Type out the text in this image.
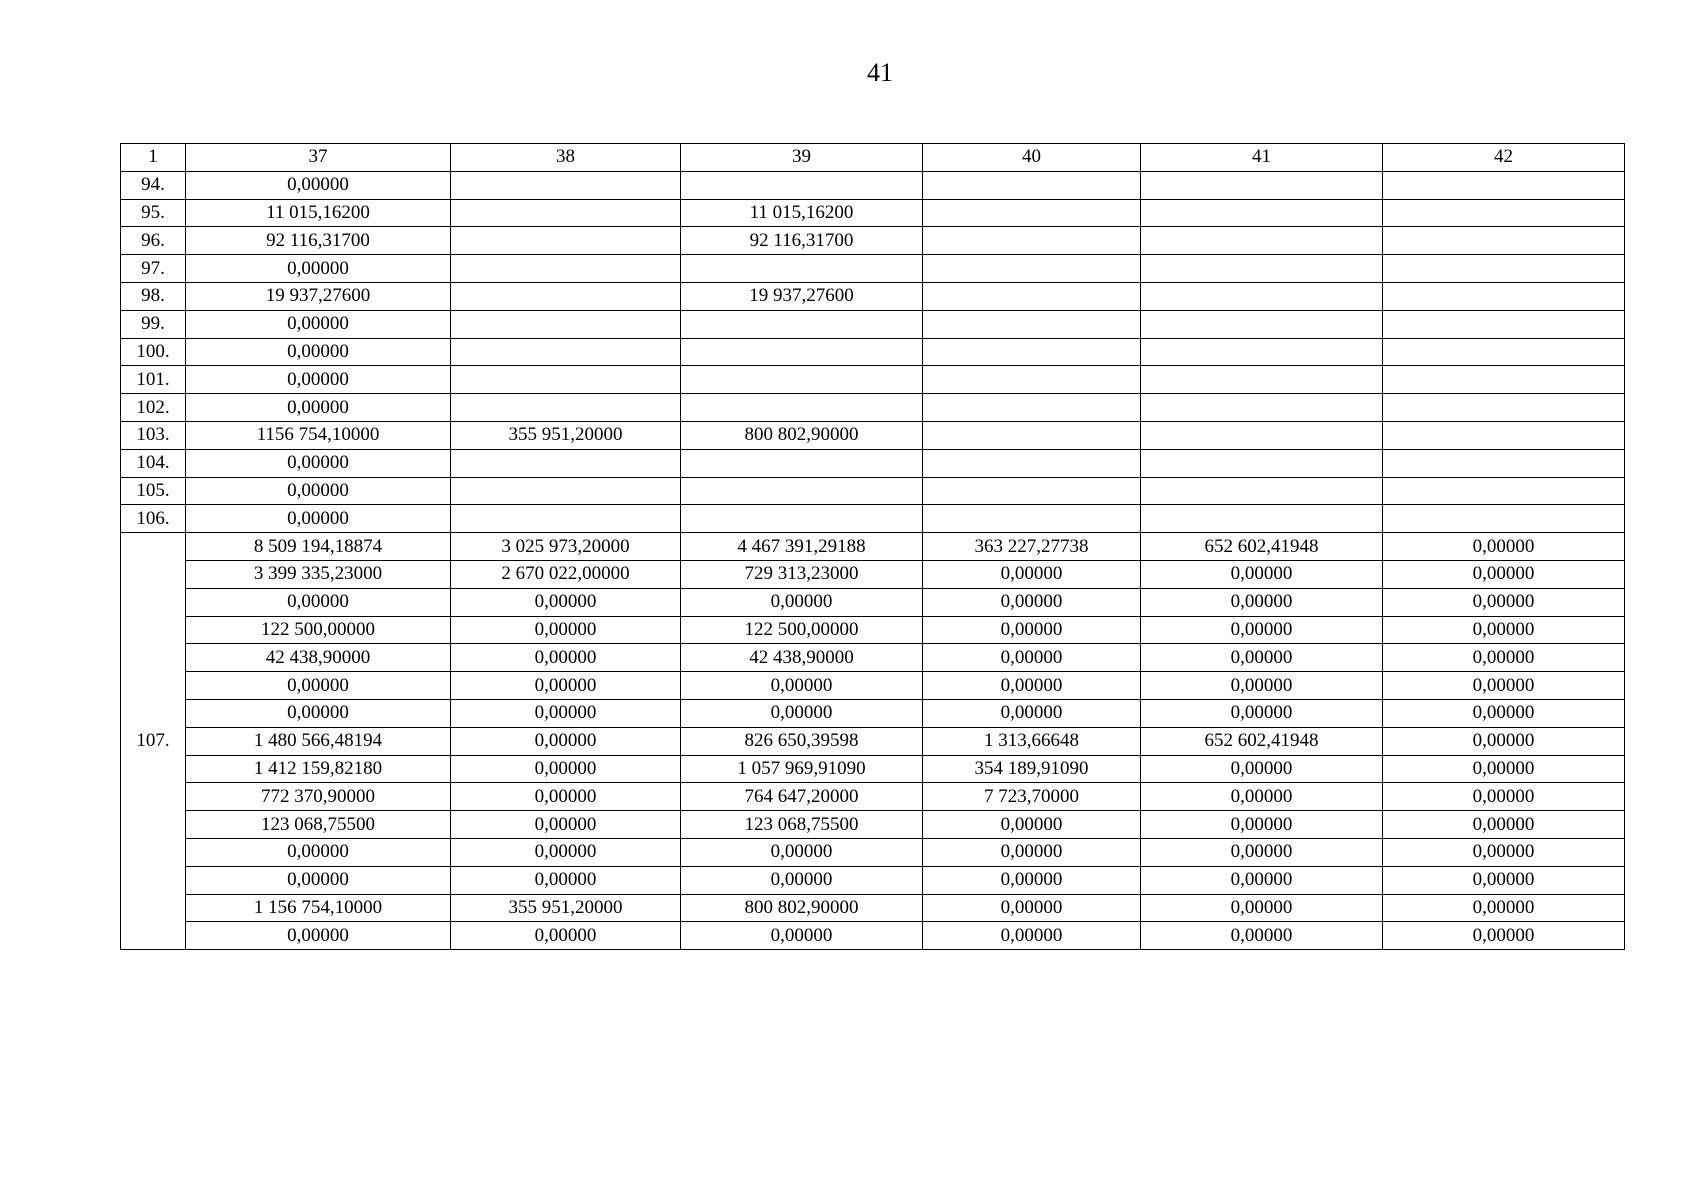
41
1	37	38	39	40	41	42
94.	0,00000					
95.	11 015,16200		11 015,16200			
96.	92 116,31700		92 116,31700			
97.	0,00000					
98.	19 937,27600		19 937,27600			
99.	0,00000					
100.	0,00000					
101.	0,00000					
102.	0,00000					
103.	1156 754,10000	355 951,20000	800 802,90000			
104.	0,00000					
105.	0,00000					
106.	0,00000					
107.	8 509 194,18874	3 025 973,20000	4 467 391,29188	363 227,27738	652 602,41948	0,00000
	3 399 335,23000	2 670 022,00000	729 313,23000	0,00000	0,00000	0,00000
	0,00000	0,00000	0,00000	0,00000	0,00000	0,00000
	122 500,00000	0,00000	122 500,00000	0,00000	0,00000	0,00000
	42 438,90000	0,00000	42 438,90000	0,00000	0,00000	0,00000
	0,00000	0,00000	0,00000	0,00000	0,00000	0,00000
	0,00000	0,00000	0,00000	0,00000	0,00000	0,00000
	1 480 566,48194	0,00000	826 650,39598	1 313,66648	652 602,41948	0,00000
	1 412 159,82180	0,00000	1 057 969,91090	354 189,91090	0,00000	0,00000
	772 370,90000	0,00000	764 647,20000	7 723,70000	0,00000	0,00000
	123 068,75500	0,00000	123 068,75500	0,00000	0,00000	0,00000
	0,00000	0,00000	0,00000	0,00000	0,00000	0,00000
	0,00000	0,00000	0,00000	0,00000	0,00000	0,00000
	1 156 754,10000	355 951,20000	800 802,90000	0,00000	0,00000	0,00000
	0,00000	0,00000	0,00000	0,00000	0,00000	0,00000
